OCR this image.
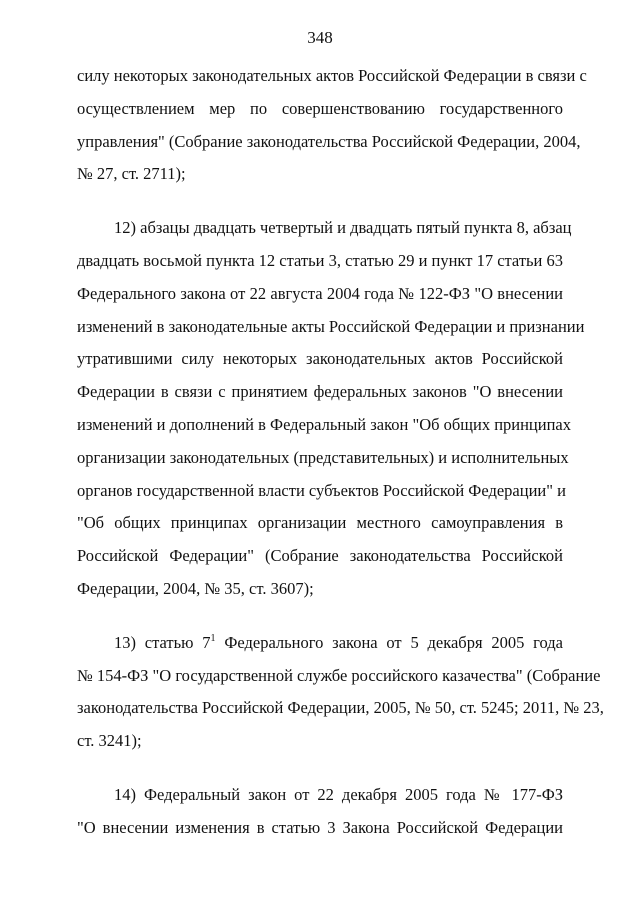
348
силу некоторых законодательных актов Российской Федерации в связи с
осуществлением мер по совершенствованию государственного
управления" (Собрание законодательства Российской Федерации, 2004,
№ 27, ст. 2711);
12) абзацы двадцать четвертый и двадцать пятый пункта 8, абзац
двадцать восьмой пункта 12 статьи 3, статью 29 и пункт 17 статьи 63
Федерального закона от 22 августа 2004 года № 122-ФЗ "О внесении
изменений в законодательные акты Российской Федерации и признании
утратившими силу некоторых законодательных актов Российской
Федерации в связи с принятием федеральных законов "О внесении
изменений и дополнений в Федеральный закон "Об общих принципах
организации законодательных (представительных) и исполнительных
органов государственной власти субъектов Российской Федерации" и
"Об общих принципах организации местного самоуправления в
Российской Федерации" (Собрание законодательства Российской
Федерации, 2004, № 35, ст. 3607);
13) статью $7^1$ Федерального закона от 5 декабря 2005 года
№ 154-ФЗ "О государственной службе российского казачества" (Собрание
законодательства Российской Федерации, 2005, № 50, ст. 5245; 2011, № 23,
ст. 3241);
14) Федеральный закон от 22 декабря 2005 года № 177-ФЗ
"О внесении изменения в статью 3 Закона Российской Федерации
